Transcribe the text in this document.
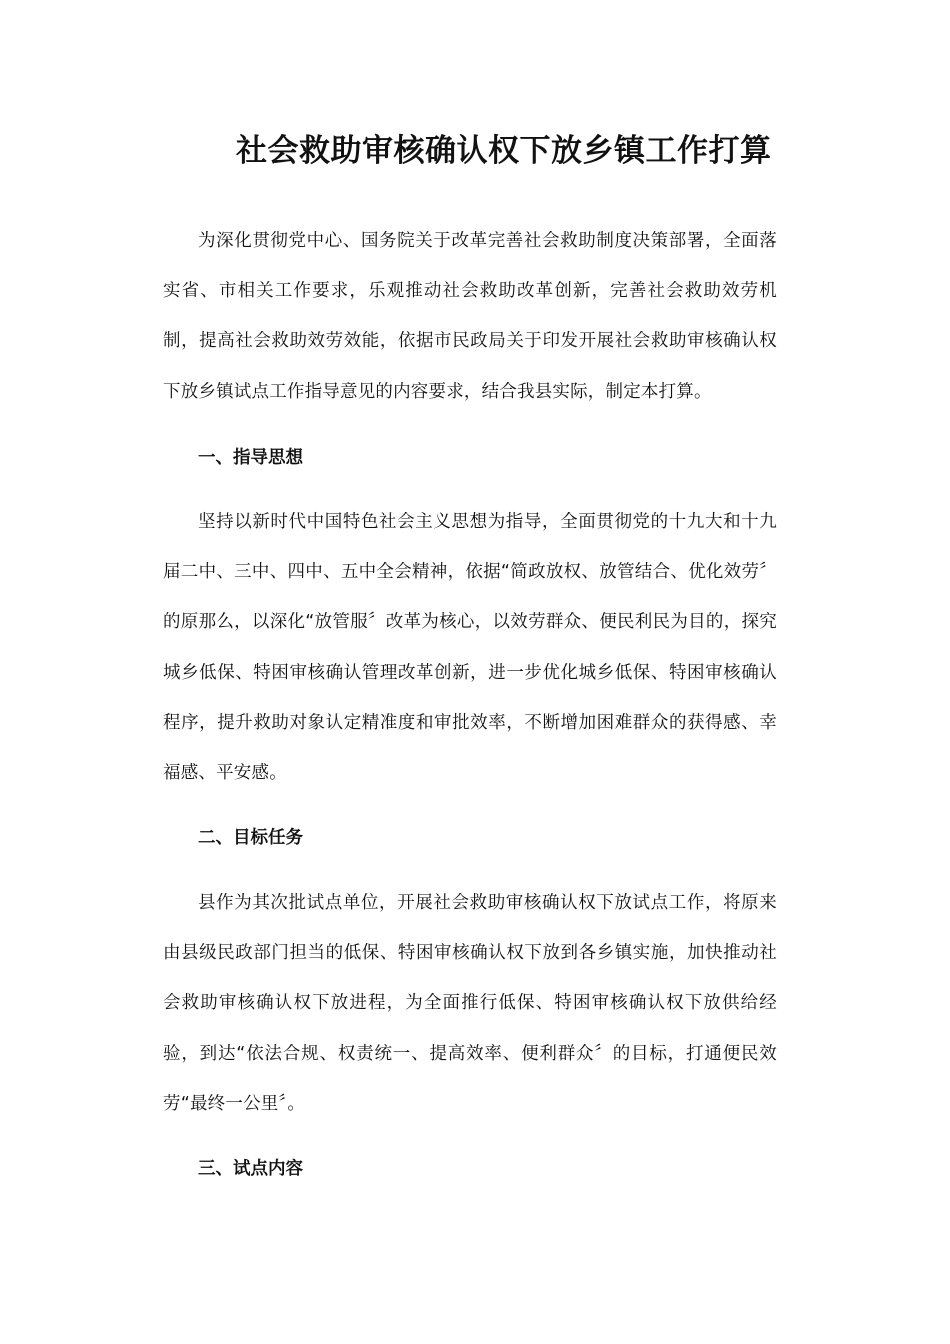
社会救助审核确认权下放乡镇工作打算

为深化贯彻党中心、国务院关于改革完善社会救助制度决策部署，全面落实省、市相关工作要求，乐观推动社会救助改革创新，完善社会救助效劳机制，提高社会救助效劳效能，依据市民政局关于印发开展社会救助审核确认权下放乡镇试点工作指导意见的内容要求，结合我县实际，制定本打算。

一、指导思想

坚持以新时代中国特色社会主义思想为指导，全面贯彻党的十九大和十九届二中、三中、四中、五中全会精神，依据“简政放权、放管结合、优化效劳〞的原那么，以深化“放管服〞改革为核心，以效劳群众、便民利民为目的，探究城乡低保、特困审核确认管理改革创新，进一步优化城乡低保、特困审核确认程序，提升救助对象认定精准度和审批效率，不断增加困难群众的获得感、幸福感、平安感。

二、目标任务

县作为其次批试点单位，开展社会救助审核确认权下放试点工作，将原来由县级民政部门担当的低保、特困审核确认权下放到各乡镇实施，加快推动社会救助审核确认权下放进程，为全面推行低保、特困审核确认权下放供给经验，到达“依法合规、权责统一、提高效率、便利群众〞的目标，打通便民效劳“最终一公里〞。

三、试点内容
